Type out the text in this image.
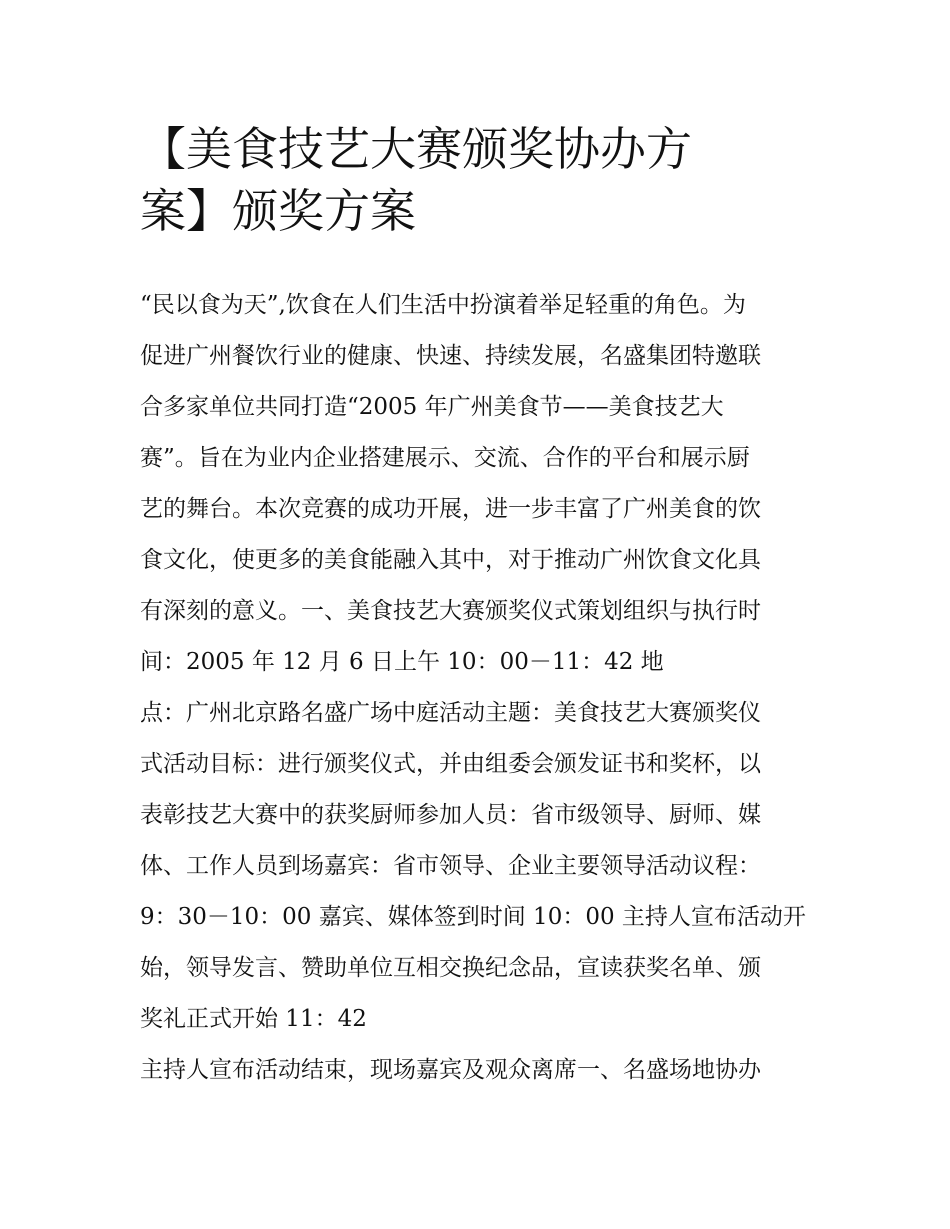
【美食技艺大赛颁奖协办方
案】颁奖方案
“民以食为天”,饮食在人们生活中扮演着举足轻重的角色。为
促进广州餐饮行业的健康、快速、持续发展，名盛集团特邀联
合多家单位共同打造“2005 年广州美食节——美食技艺大
赛”。旨在为业内企业搭建展示、交流、合作的平台和展示厨
艺的舞台。本次竞赛的成功开展，进一步丰富了广州美食的饮
食文化，使更多的美食能融入其中，对于推动广州饮食文化具
有深刻的意义。一、美食技艺大赛颁奖仪式策划组织与执行时
间：2005 年 12 月 6 日上午 10：00－11：42 地
点：广州北京路名盛广场中庭活动主题：美食技艺大赛颁奖仪
式活动目标：进行颁奖仪式，并由组委会颁发证书和奖杯，以
表彰技艺大赛中的获奖厨师参加人员：省市级领导、厨师、媒
体、工作人员到场嘉宾：省市领导、企业主要领导活动议程：
9：30－10：00 嘉宾、媒体签到时间 10：00 主持人宣布活动开
始，领导发言、赞助单位互相交换纪念品，宣读获奖名单、颁
奖礼正式开始 11：42
主持人宣布活动结束，现场嘉宾及观众离席一、名盛场地协办
